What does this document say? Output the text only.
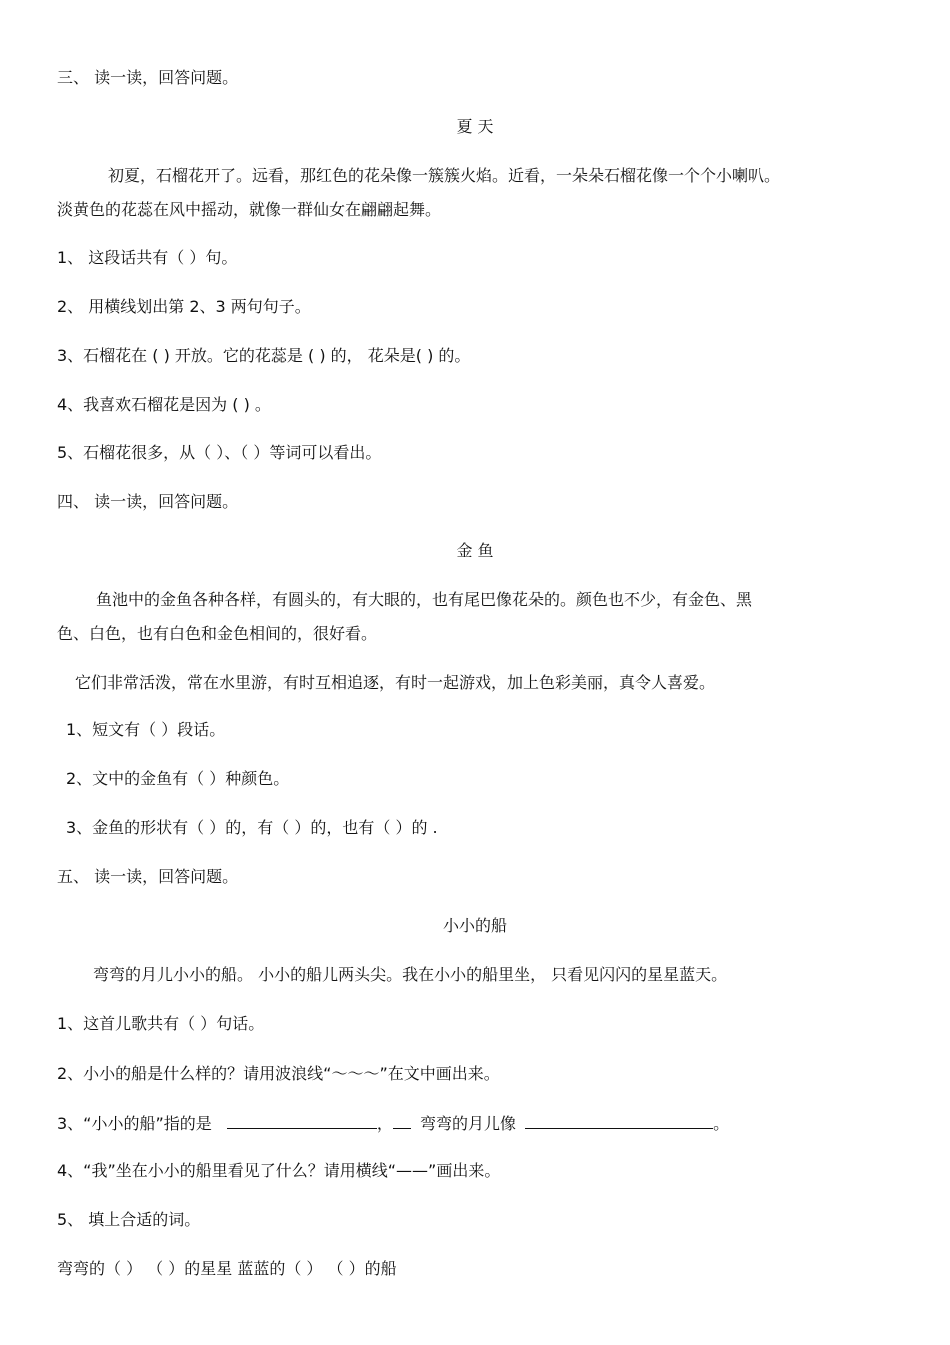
三、 读一读，回答问题。
夏 天
初夏，石榴花开了。远看，那红色的花朵像一簇簇火焰。近看，一朵朵石榴花像一个个小喇叭。
淡黄色的花蕊在风中摇动，就像一群仙女在翩翩起舞。
1、 这段话共有（ ）句。
2、 用横线划出第 2、3 两句句子。
3、石榴花在 ( ) 开放。它的花蕊是 ( ) 的， 花朵是( ) 的。
4、我喜欢石榴花是因为 ( ) 。
5、石榴花很多，从（ ）、（ ）等词可以看出。
四、 读一读，回答问题。
金 鱼
鱼池中的金鱼各种各样，有圆头的，有大眼的，也有尾巴像花朵的。颜色也不少，有金色、黑
色、白色，也有白色和金色相间的，很好看。
它们非常活泼，常在水里游，有时互相追逐，有时一起游戏，加上色彩美丽，真令人喜爱。
1、短文有（ ）段话。
2、文中的金鱼有（ ）种颜色。
3、金鱼的形状有（ ）的，有（ ）的，也有（ ）的 .
五、 读一读，回答问题。
小小的船
弯弯的月儿小小的船。 小小的船儿两头尖。我在小小的船里坐， 只看见闪闪的星星蓝天。
1、这首儿歌共有（ ）句话。
2、小小的船是什么样的？请用波浪线“～～～”在文中画出来。
3、“小小的船”指的是	， 弯弯的月儿像	。
4、“我”坐在小小的船里看见了什么？请用横线“——”画出来。
5、 填上合适的词。
弯弯的（ ） （ ）的星星 蓝蓝的（ ） （ ）的船
